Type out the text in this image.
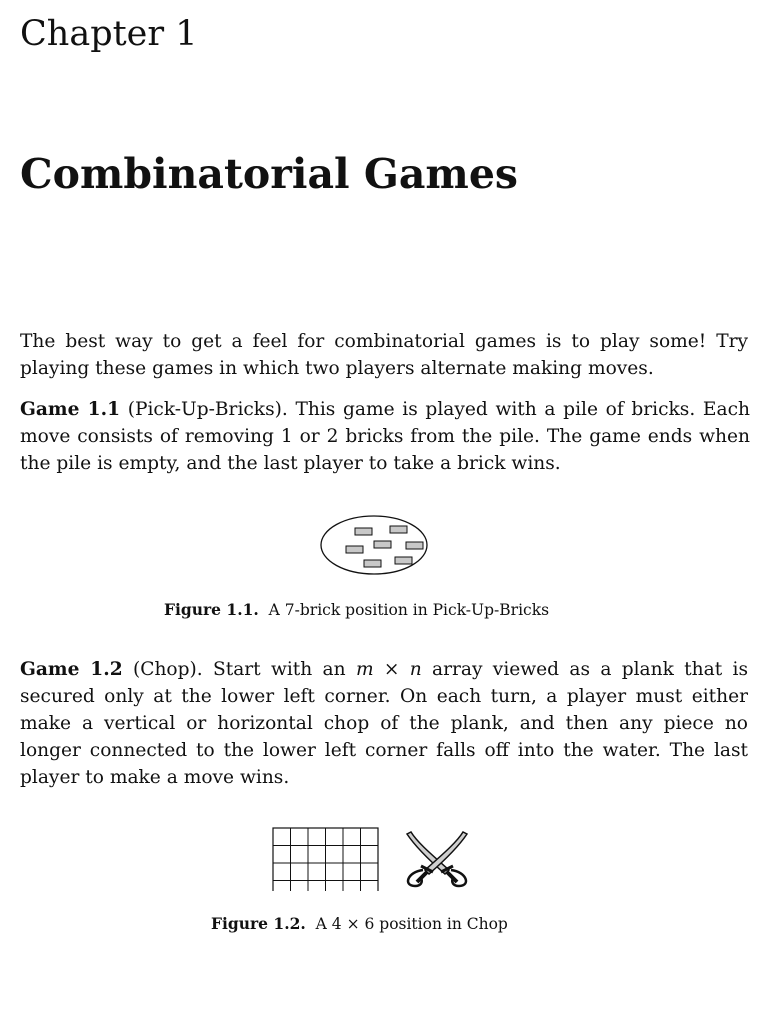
Chapter 1
Combinatorial Games

The best way to get a feel for combinatorial games is to play some! Try playing these games in which two players alternate making moves.

Game 1.1 (Pick-Up-Bricks). This game is played with a pile of bricks. Each move consists of removing 1 or 2 bricks from the pile. The game ends when the pile is empty, and the last player to take a brick wins.

Game 1.2 (Chop). Start with an m × n array viewed as a plank that is secured only at the lower left corner. On each turn, a player must either make a vertical or horizontal chop of the plank, and then any piece no longer connected to the lower left corner falls off into the water. The last player to make a move wins.

Figure 1.1. A 7-brick position in Pick-Up-Bricks
Figure 1.2. A 4 × 6 position in Chop
